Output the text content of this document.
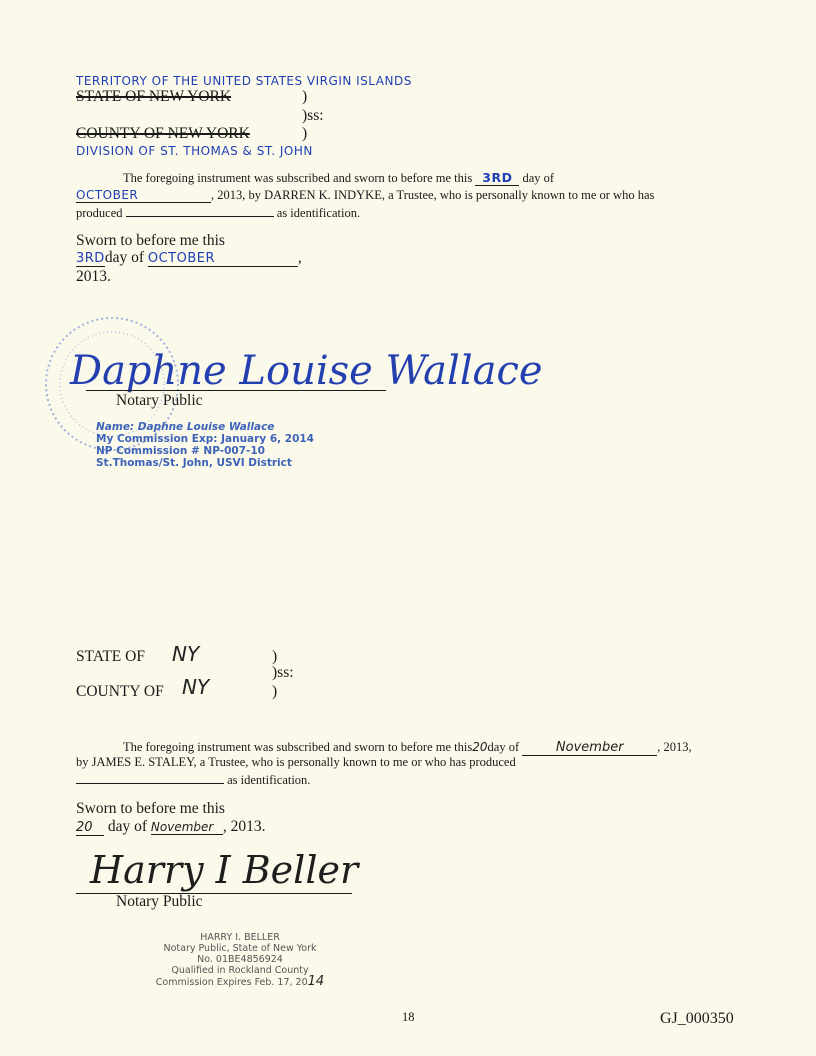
TERRITORY OF THE UNITED STATES VIRGIN ISLANDS
STATE OF NEW YORK	)
)ss:
COUNTY OF NEW YORK	)
DIVISION OF ST. THOMAS & ST. JOHN
The foregoing instrument was subscribed and sworn to before me this 3RD day of
OCTOBER	, 2013, by DARREN K. INDYKE, a Trustee, who is personally known to me or who has
produced	as identification.
Sworn to before me this
3RDday of OCTOBER	,
2013.
Daphne Louise Wallace
Notary Public
Name: Daphne Louise Wallace
My Commission Exp: January 6, 2014
NP Commission # NP-007-10
St.Thomas/St. John, USVI District
STATE OF NY	)
)ss:
COUNTY OF NY	)
The foregoing instrument was subscribed and sworn to before me this20day of	November	, 2013,
by JAMES E. STALEY, a Trustee, who is personally known to me or who has produced
as identification.
Sworn to before me this
20 day of November , 2013.
Harry I Beller
Notary Public
HARRY I. BELLER
Notary Public, State of New York
No. 01BE4856924
Qualified in Rockland County
Commission Expires Feb. 17, 2014
18	GJ_000350
